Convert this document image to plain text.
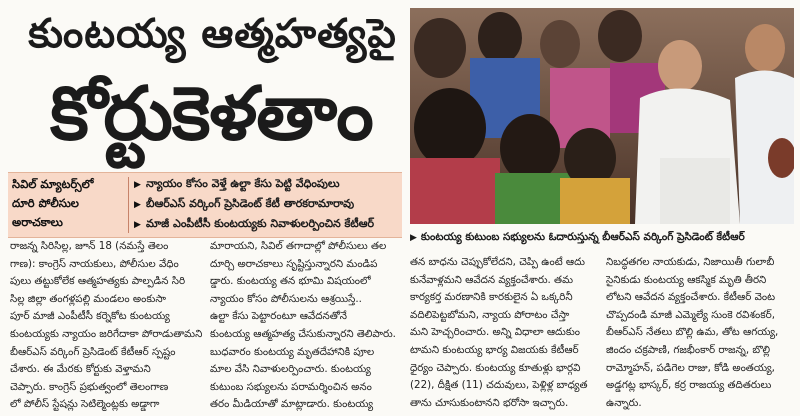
కుంటయ్య ఆత్మహత్యపై
కోర్టుకెళతాం
సివిల్ మ్యాటర్స్‌లో
దూరి పోలీసుల
అరాచకాలు
▶ న్యాయం కోసం వెళ్తే ఉల్టా కేసు పెట్టి వేధింపులు
▶ బీఆర్ఎస్ వర్కింగ్ ప్రెసిడెంట్ కేటీ తారకరామారావు
▶ మాజీ ఎంపీటీసీ కుంటయ్యకు నివాళులర్పించిన కేటీఆర్
▶ కుంటయ్య కుటుంబ సభ్యులను ఓదారుస్తున్న బీఆర్ఎస్ వర్కింగ్ ప్రెసిడెంట్ కేటీఆర్
రాజన్న సిరిసిల్ల, జూన్ 18 (నమస్తే తెలం
గాణ): కాంగ్రెస్ నాయకులు, పోలీసుల వేధిం
పులు తట్టుకోలేక ఆత్మహత్యకు పాల్పడిన సిరి
సిల్ల జిల్లా తంగళ్లపల్లి మండలం అంకుసా
పూర్ మాజీ ఎంపీటీసీ కర్నెకోట కుంటయ్య
కుంటయ్యకు న్యాయం జరిగేదాకా పోరాడుతామని
బీఆర్ఎస్ వర్కింగ్ ప్రెసిడెంట్ కేటీఆర్ స్పష్టం
చేశారు. ఈ మేరకు కోర్టుకు వెళ్తామని
చెప్పారు. కాంగ్రెస్ ప్రభుత్వంలో తెలంగాణ
లో పోలీస్ స్టేషన్లు సెటిల్మెంట్లకు అడ్డాగా
మారాయని, సివిల్ తగాదాల్లో పోలీసులు తల
దూర్చి అరాచకాలు సృష్టిస్తున్నారని మండిప
డ్డారు. కుంటయ్య తన భూమి విషయంలో
న్యాయం కోసం పోలీసులను ఆశ్రయిస్తే..
ఉల్టా కేసు పెట్టారంటూ ఆవేదనతోనే
కుంటయ్య ఆత్మహత్య చేసుకున్నారని తెలిపారు.
బుధవారం కుంటయ్య మృతదేహానికి పూల
మాల వేసి నివాళులర్పించారు. కుంటయ్య
కుటుంబ సభ్యులను పరామర్శించిన అనం
తరం మీడియాతో మాట్లాడారు. కుంటయ్య
తన బాధను చెప్పుకోలేదని, చెప్పి ఉంటే ఆదు
కునేవాళ్లమని ఆవేదన వ్యక్తంచేశారు. తమ
కార్యకర్త మరణానికి కారకులైన ఏ ఒక్కరినీ
వదిలిపెట్టబోమని, న్యాయ పోరాటం చేస్తా
మని హెచ్చరించారు. అన్ని విధాలా ఆదుకుం
టామని కుంటయ్య భార్య విజయకు కేటీఆర్
ధైర్యం చెప్పారు. కుంటయ్య కూతుళ్లు భార్గవి
(22), దీక్షిత (11) చదువులు, పెళ్లిళ్ల బాధ్యత
తాను చూసుకుంటానని భరోసా ఇచ్చారు.
నిబద్ధతగల నాయకుడు, నిజాయితీ గులాబీ
సైనికుడు కుంటయ్య ఆకస్మిక మృతి తీరని
లోటని ఆవేదన వ్యక్తంచేశారు. కేటీఆర్ వెంట
చొప్పదండి మాజీ ఎమ్మెల్యే సుంకె రవిశంకర్,
బీఆర్ఎస్ నేతలు బొల్లి ఉమ, తోట ఆగయ్య,
జిందం చక్రపాణి, గజభీంకార్ రాజన్న, బొల్లి
రామ్మోహన్, పడిగెల రాజు, కోడి అంతయ్య,
అడ్డగట్ల భాస్కర్, కర్ర రాజయ్య తదితరులు
ఉన్నారు.
